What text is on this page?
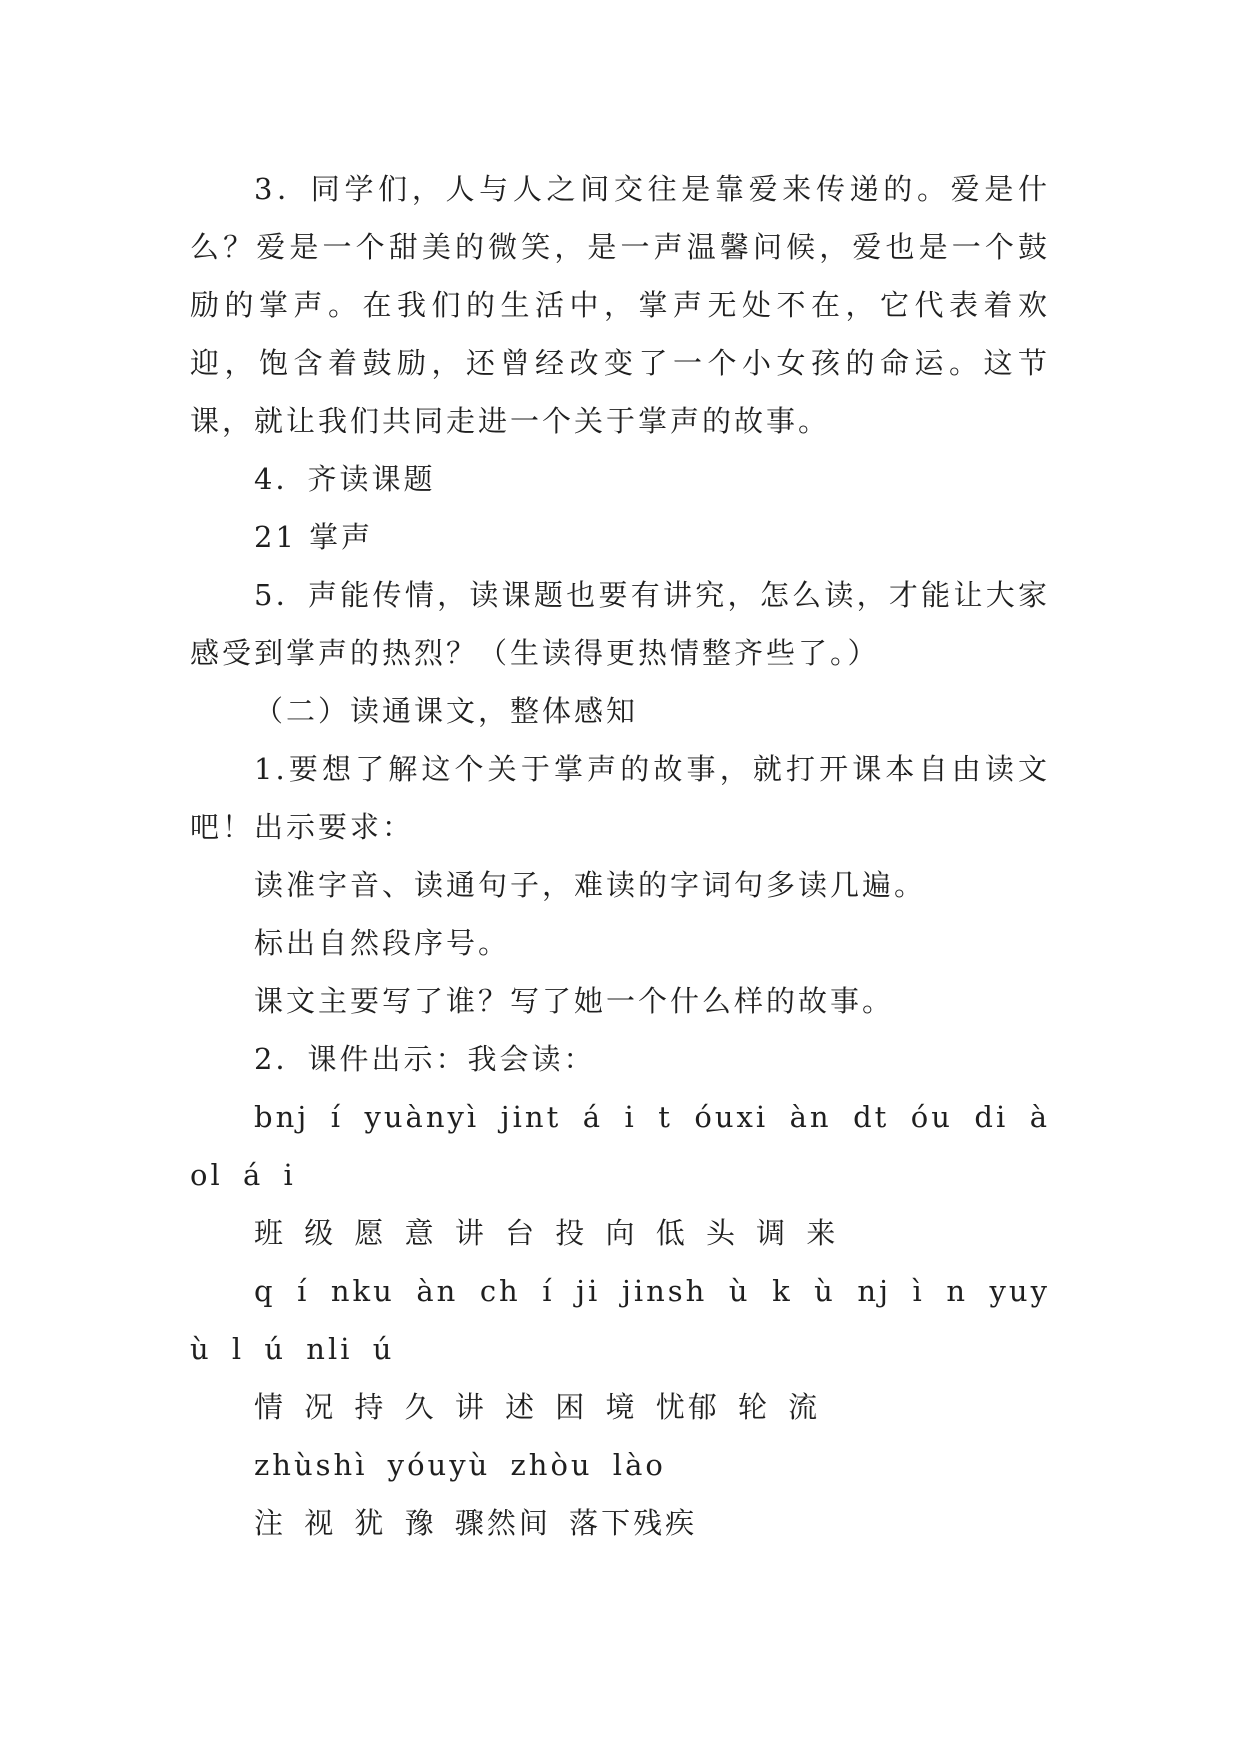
3．同学们，人与人之间交往是靠爱来传递的。爱是什么？爱是一个甜美的微笑，是一声温馨问候，爱也是一个鼓励的掌声。在我们的生活中，掌声无处不在，它代表着欢迎，饱含着鼓励，还曾经改变了一个小女孩的命运。这节课，就让我们共同走进一个关于掌声的故事。

4．齐读课题

21 掌声

5．声能传情，读课题也要有讲究，怎么读，才能让大家感受到掌声的热烈？（生读得更热情整齐些了。）

（二）读通课文，整体感知

1.要想了解这个关于掌声的故事，就打开课本自由读文吧！出示要求：

读准字音、读通句子，难读的字词句多读几遍。

标出自然段序号。

课文主要写了谁？写了她一个什么样的故事。

2．课件出示：我会读：

bnj í yuànyì jint á i t óuxi àn dt óu di àol á i

班 级 愿 意 讲 台 投 向 低 头 调 来

q í nku àn ch í ji jinsh ù k ù nj ì n yuy ù l ú nli ú

情 况 持 久 讲 述 困 境 忧郁 轮 流

zhùshì yóuyù zhòu lào

注 视 犹 豫 骤然间 落下残疾
